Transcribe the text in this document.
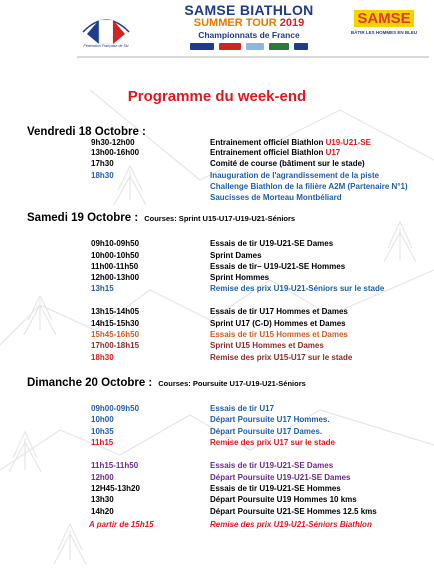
Fédération Française de Ski
SAMSE BIATHLON
SUMMER TOUR 2019
Championnats de France
SAMSE
BÂTIR LES HOMMES EN BLEU
Programme du week-end
Vendredi 18 Octobre :
9h30-12h00	Entrainement officiel Biathlon U19-U21-SE
13h00-16h00	Entrainement officiel Biathlon U17
17h30	Comité de course (bâtiment sur le stade)
18h30	Inauguration de l'agrandissement de la piste
Challenge Biathlon de la filière A2M (Partenaire N°1)
Saucisses de Morteau Montbéliard
Samedi 19 Octobre : Courses: Sprint U15-U17-U19-U21-Séniors
09h10-09h50	Essais de tir U19-U21-SE Dames
10h00-10h50	Sprint Dames
11h00-11h50	Essais de tir– U19-U21-SE Hommes
12h00-13h00	Sprint Hommes
13h15	Remise des prix U19-U21-Séniors sur le stade
13h15-14h05	Essais de tir U17 Hommes et Dames
14h15-15h30	Sprint U17 (C-D) Hommes et Dames
15h45-16h50	Essais de tir U15 Hommes et Dames
17h00-18h15	Sprint U15 Hommes et Dames
18h30	Remise des prix U15-U17 sur le stade
Dimanche 20 Octobre : Courses: Poursuite U17-U19-U21-Séniors
09h00-09h50	Essais de tir U17
10h00	Départ Poursuite U17 Hommes.
10h35	Départ Poursuite U17 Dames.
11h15	Remise des prix U17 sur le stade
11h15-11h50	Essais de tir U19-U21-SE Dames
12h00	Départ Poursuite U19-U21-SE Dames
12H45-13h20	Essais de tir U19-U21-SE Hommes
13h30	Départ Poursuite U19 Hommes 10 kms
14h20	Départ Poursuite U21-SE Hommes 12.5 kms
A partir de 15h15	Remise des prix U19-U21-Séniors Biathlon
